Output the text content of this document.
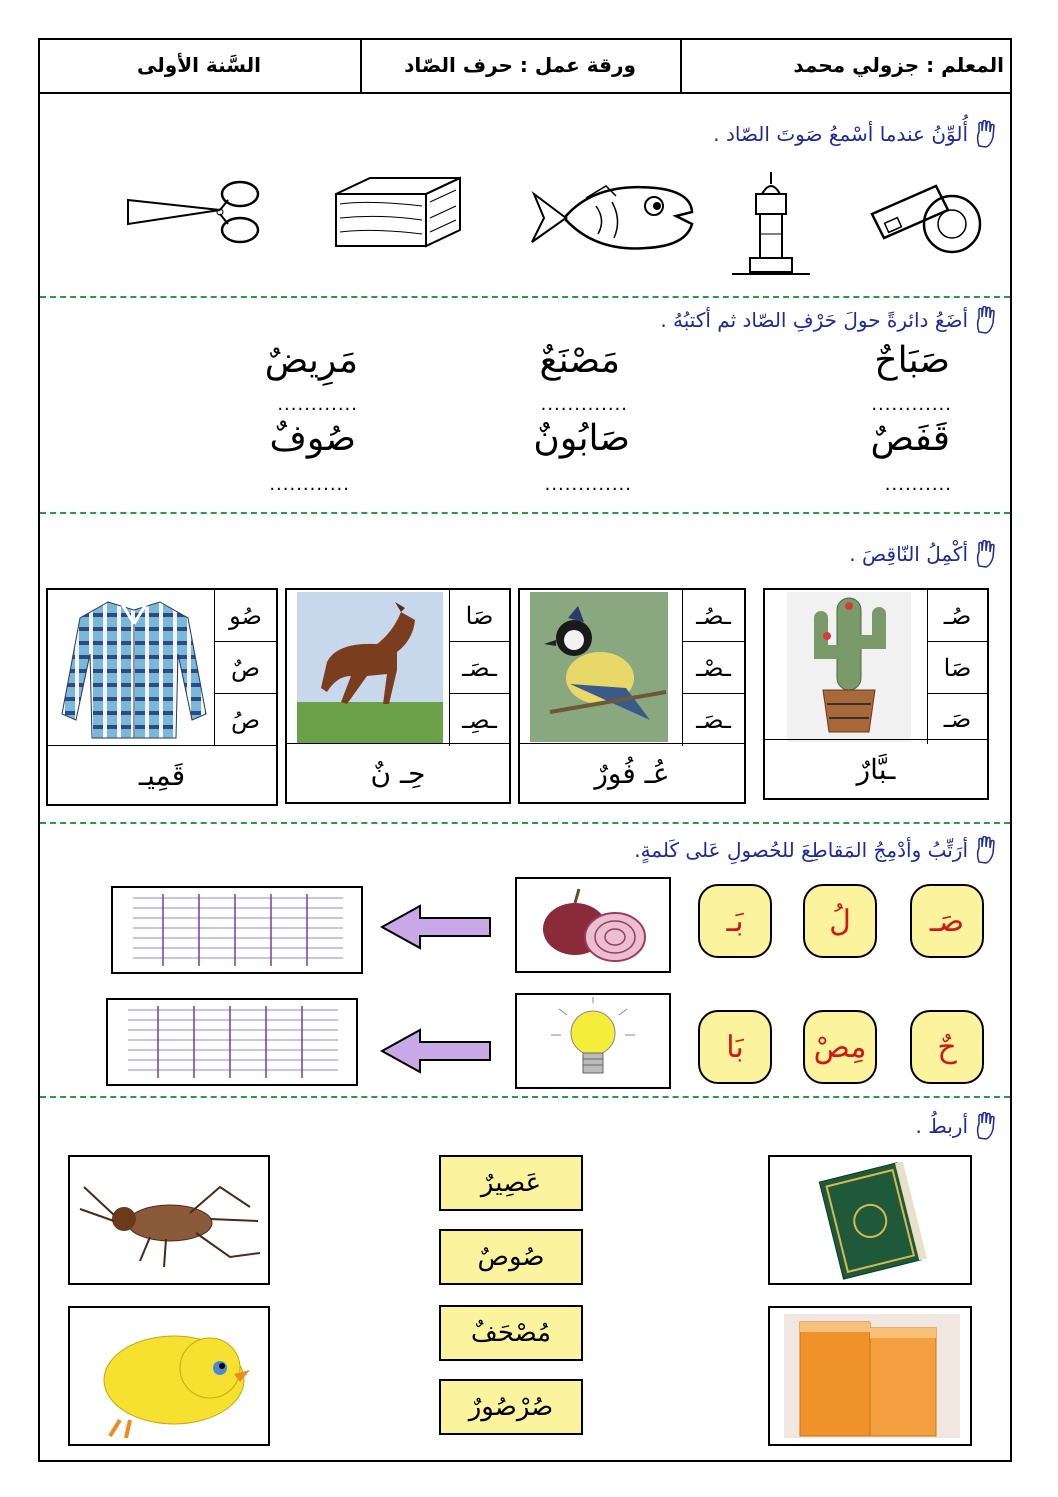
المعلم : جزولي محمد
ورقة عمل : حرف الصّاد
السَّنة الأولى
أُلوِّنُ عندما أسْمعُ صَوتَ الصّاد .
أضَعُ دائرةً حولَ حَرْفِ الصّاد ثم أكتبُهُ .
صَبَاحٌ
مَصْنَعٌ
مَرِيضٌ
............
.............
............
قَفَصٌ
صَابُونٌ
صُوفٌ
..........
.............
............
أكْمِلُ النّاقِصَ .
صُـ
صَا
صَـ
ـبَّارٌ
ـصُـ
ـصْـ
ـصَـ
عُـ فُورٌ
صَا
ـصَـ
ـصِـ
حِـ نٌ
صُو
صٌ
صُ
قَمِيـ
أرَتِّبُ وأدْمِجُ المَقاطِعَ للحُصولِ عَلى كَلمةٍ.
صَـ
لُ
بَـ
حٌ
مِصْ
بَا
أربطُ .
عَصِيرٌ
صُوصٌ
مُصْحَفٌ
صُرْصُورٌ
